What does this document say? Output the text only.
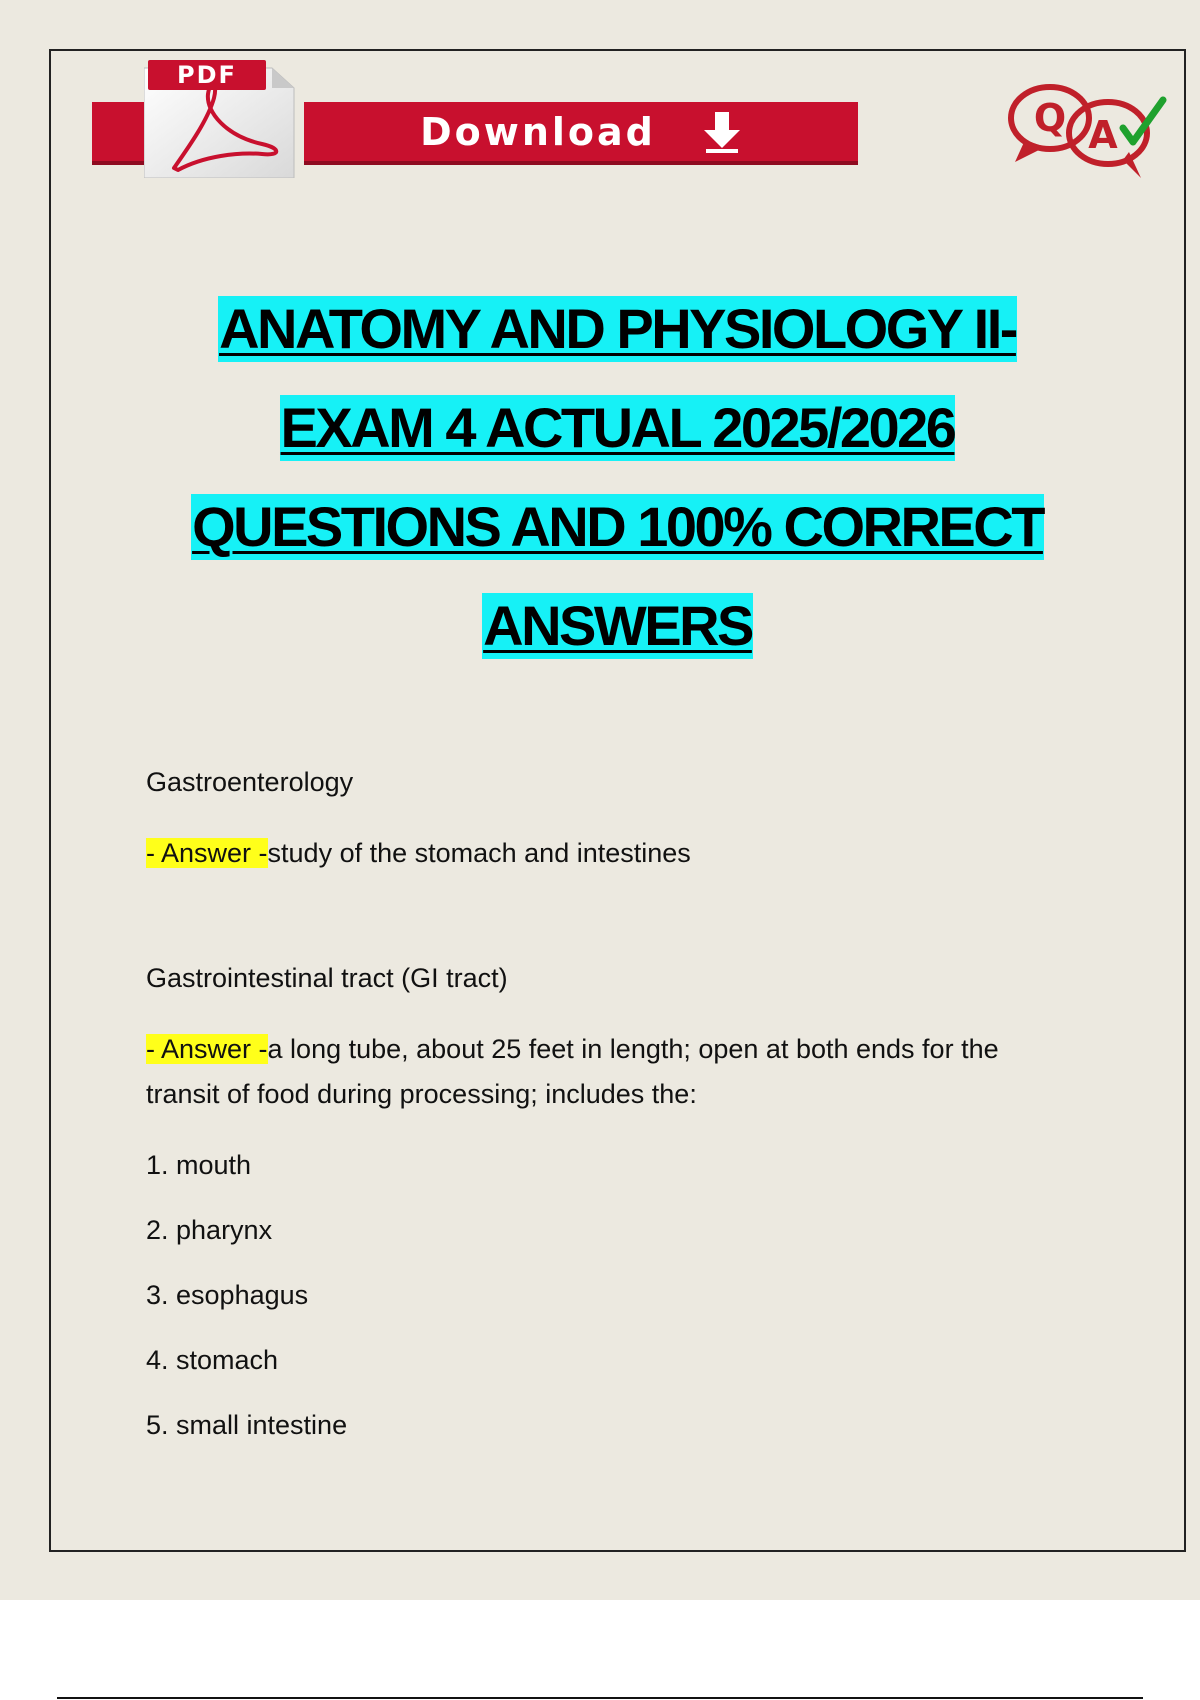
Download
PDF
Q A
ANATOMY AND PHYSIOLOGY II-
EXAM 4 ACTUAL 2025/2026
QUESTIONS AND 100% CORRECT
ANSWERS

Gastroenterology

- Answer -study of the stomach and intestines

Gastrointestinal tract (GI tract)

- Answer -a long tube, about 25 feet in length; open at both ends for the transit of food during processing; includes the:

1. mouth

2. pharynx

3. esophagus

4. stomach

5. small intestine
